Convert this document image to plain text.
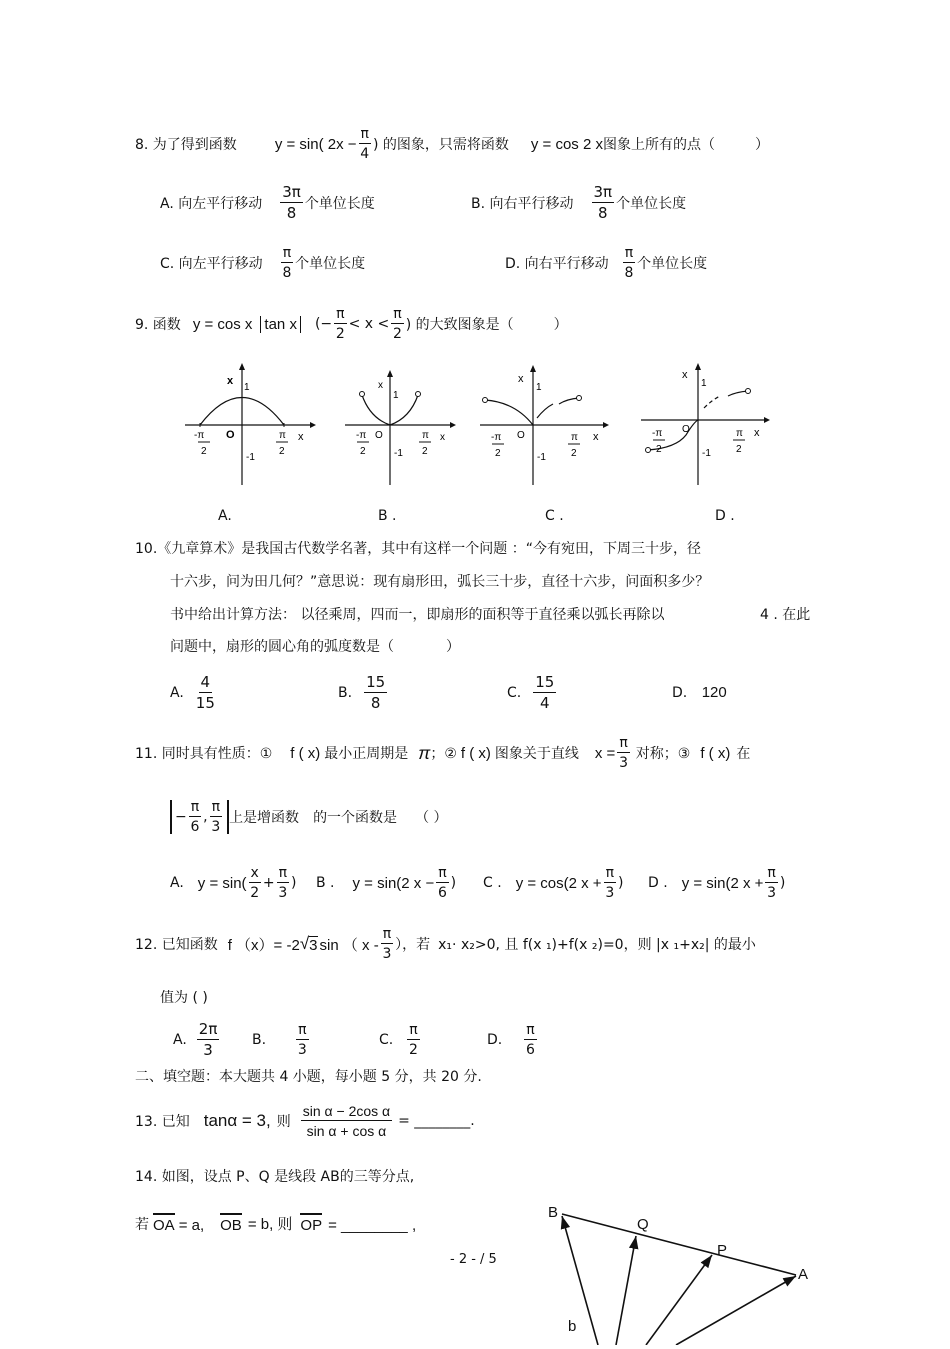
8. 为了得到函数	y = sin( $2x - \frac{\pi}{4}$ ) 的图象，只需将函数 y = cos 2 x 图象上所有的点（	）
A. 向左平行移动 $\frac{3\pi}{8}$ 个单位长度	B. 向右平行移动 $\frac{3\pi}{8}$ 个单位长度
C. 向左平行移动 $\frac{\pi}{8}$ 个单位长度	D. 向右平行移动 $\frac{\pi}{8}$ 个单位长度
9. 函数 y = cos x tan x (− $\frac{\pi}{2} < x < \frac{\pi}{2}$ ) 的大致图象是（	）
x
1
x
O
-1
-π
2
π
2
x
1
x
O
-1
-π
2
π
2
x
1
x
O
-1
-π
2
π
2
x
1
x
O
-1
-π
2
π
2
A.	B .	C .	D .
10.《九章算术》是我国古代数学名著，其中有这样一个问题 ：“今有宛田，下周三十步，径
十六步，问为田几何？”意思说：现有扇形田，弧长三十步，直径十六步，问面积多少？
书中给出计算方法： 以径乘周，四而一，即扇形的面积等于直径乘以弧长再除以	4 . 在此
问题中，扇形的圆心角的弧度数是（	）
A. $\frac{4}{15}$	B. $\frac{15}{8}$	C. $\frac{15}{4}$	D. 120
11. 同时具有性质：① f ( x) 最小正周期是 π ；② f ( x) 图象关于直线 $x = \frac{\pi}{3}$ 对称；③ f ( x) 在
− $\frac{\pi}{6}$ , $\frac{\pi}{3}$ 上是增函数 的一个函数是 （ ）
A. $y = \sin( \frac{x}{2} + \frac{\pi}{3}$ ) B . y = sin(2 $x - \frac{\pi}{6}$ ) C . y = cos(2 $x + \frac{\pi}{3}$ ) D . y = sin(2 $x + \frac{\pi}{3}$ )
12. 已知函数 f （x）= -2 √ 3 sin （ x - $\frac{\pi}{3}$ ），若 x₁· x₂>0, 且 f(x ₁)+f(x ₂)=0，则 |x ₁+x₂| 的最小
值为 ( )
A. $\frac{2\pi}{3} B$. $\frac{\pi}{3}$	C. $\frac{\pi}{2}$	D. $\frac{\pi}{6}$
二、填空题：本大题共 4 小题，每小题 5 分，共 20 分.
13. 已知 tanα = 3, 则 $\frac{\text{sin α − 2cos α}}{\text{sin α + cos α}}$ = ________.
14. 如图，设点 P、Q 是线段 AB的三等分点,
若 OA = a, OB = b, 则 OP = ________ ,
B
Q
P
A
b
- 2 - / 5
